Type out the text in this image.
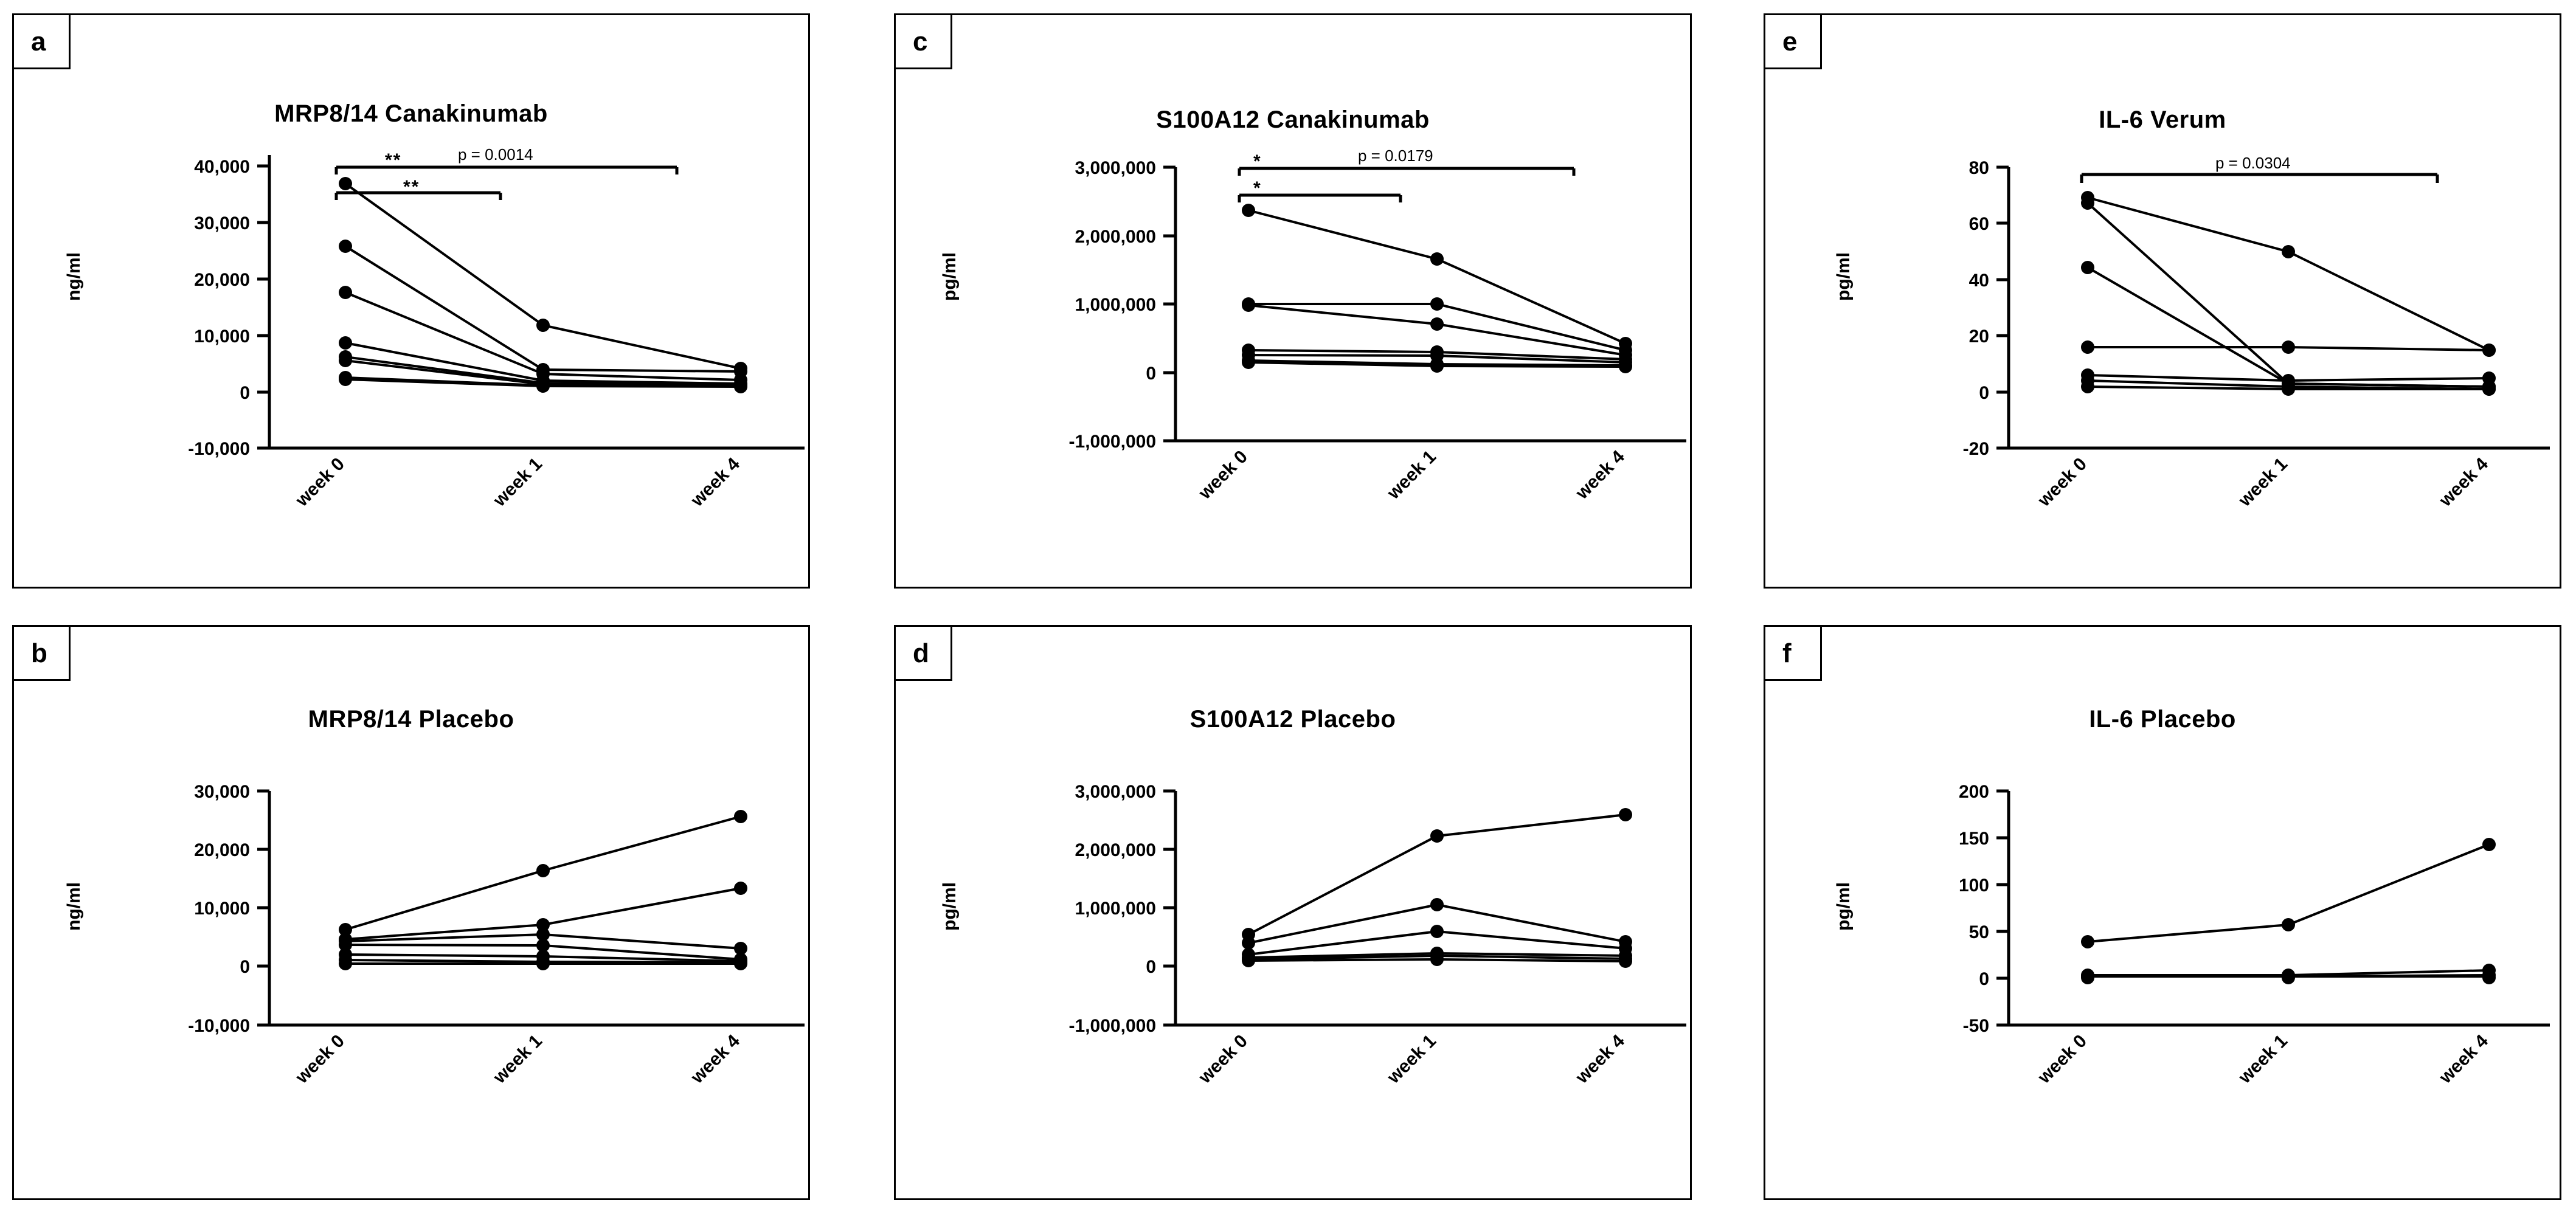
a
MRP8/14 Canakinumab
ng/ml
40,000
30,000
20,000
10,000
0
-10,000
week 0	week 1	week 4
**
**
p = 0.0014
b
MRP8/14 Placebo
ng/ml
30,000
20,000
10,000
0
-10,000
week 0	week 1	week 4
c
S100A12 Canakinumab
pg/ml
3,000,000
2,000,000
1,000,000
0
-1,000,000
week 0	week 1	week 4
*
*
p = 0.0179
d
S100A12 Placebo
pg/ml
3,000,000
2,000,000
1,000,000
0
-1,000,000
week 0	week 1	week 4
e
IL-6 Verum
pg/ml
80
60
40
20
0
-20
week 0	week 1	week 4
p = 0.0304
f
IL-6 Placebo
pg/ml
200
150
100
50
0
-50
week 0	week 1	week 4
